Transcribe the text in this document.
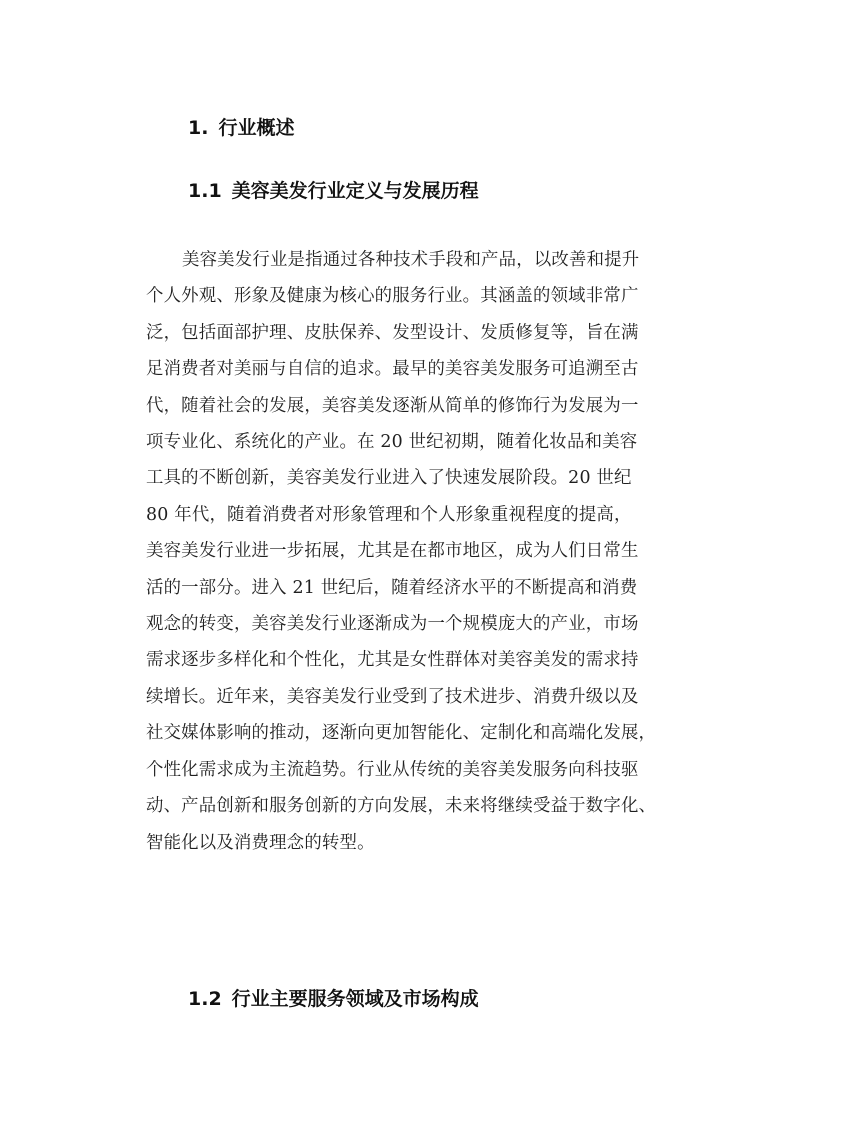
1. 行业概述
1.1 美容美发行业定义与发展历程

美容美发行业是指通过各种技术手段和产品，以改善和提升
个人外观、形象及健康为核心的服务行业。其涵盖的领域非常广
泛，包括面部护理、皮肤保养、发型设计、发质修复等，旨在满
足消费者对美丽与自信的追求。最早的美容美发服务可追溯至古
代，随着社会的发展，美容美发逐渐从简单的修饰行为发展为一
项专业化、系统化的产业。在 20 世纪初期，随着化妆品和美容
工具的不断创新，美容美发行业进入了快速发展阶段。20 世纪
80 年代，随着消费者对形象管理和个人形象重视程度的提高，
美容美发行业进一步拓展，尤其是在都市地区，成为人们日常生
活的一部分。进入 21 世纪后，随着经济水平的不断提高和消费
观念的转变，美容美发行业逐渐成为一个规模庞大的产业，市场
需求逐步多样化和个性化，尤其是女性群体对美容美发的需求持
续增长。近年来，美容美发行业受到了技术进步、消费升级以及
社交媒体影响的推动，逐渐向更加智能化、定制化和高端化发展，
个性化需求成为主流趋势。行业从传统的美容美发服务向科技驱
动、产品创新和服务创新的方向发展，未来将继续受益于数字化、
智能化以及消费理念的转型。

1.2 行业主要服务领域及市场构成
